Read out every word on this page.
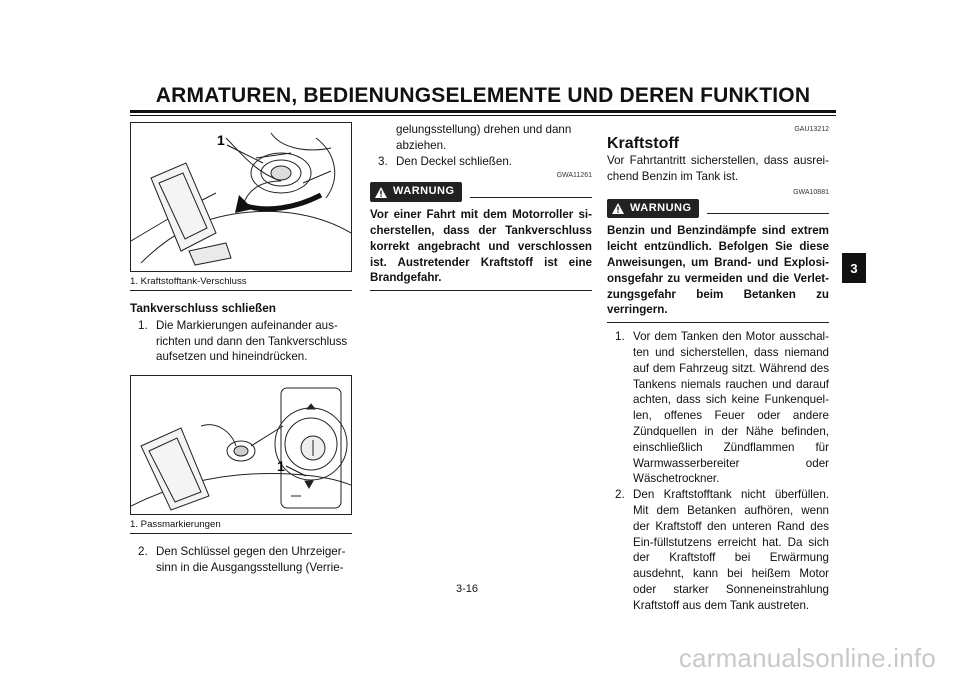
ARMATUREN, BEDIENUNGSELEMENTE UND DEREN FUNKTION
1
1. Kraftstofftank-Verschluss
Tankverschluss schließen
1. Die Markierungen aufeinander aus-
richten und dann den Tankverschluss
aufsetzen und hineindrücken.
1
1. Passmarkierungen
2. Den Schlüssel gegen den Uhrzeiger-
sinn in die Ausgangsstellung (Verrie-
gelungsstellung) drehen und dann
abziehen.
3. Den Deckel schließen.
GWA11261
WARNUNG
Vor einer Fahrt mit dem Motorroller si-cherstellen, dass der Tankverschluss korrekt angebracht und verschlossen ist. Austretender Kraftstoff ist eine Brandgefahr.
GAU13212
Kraftstoff
Vor Fahrtantritt sicherstellen, dass ausrei-chend Benzin im Tank ist.
GWA10881
WARNUNG
Benzin und Benzindämpfe sind extrem leicht entzündlich. Befolgen Sie diese Anweisungen, um Brand- und Explosi-onsgefahr zu vermeiden und die Verlet-zungsgefahr beim Betanken zu verringern.
1. Vor dem Tanken den Motor ausschal-ten und sicherstellen, dass niemand auf dem Fahrzeug sitzt. Während des Tankens niemals rauchen und darauf achten, dass sich keine Funkenquel-len, offenes Feuer oder andere Zündquellen in der Nähe befinden, einschließlich Zündflammen für Warmwasserbereiter oder Wäschetrockner.
2. Den Kraftstofftank nicht überfüllen. Mit dem Betanken aufhören, wenn der Kraftstoff den unteren Rand des Ein-füllstutzens erreicht hat. Da sich der Kraftstoff bei Erwärmung ausdehnt, kann bei heißem Motor oder starker Sonneneinstrahlung Kraftstoff aus dem Tank austreten.
3
3-16
carmanualsonline.info
